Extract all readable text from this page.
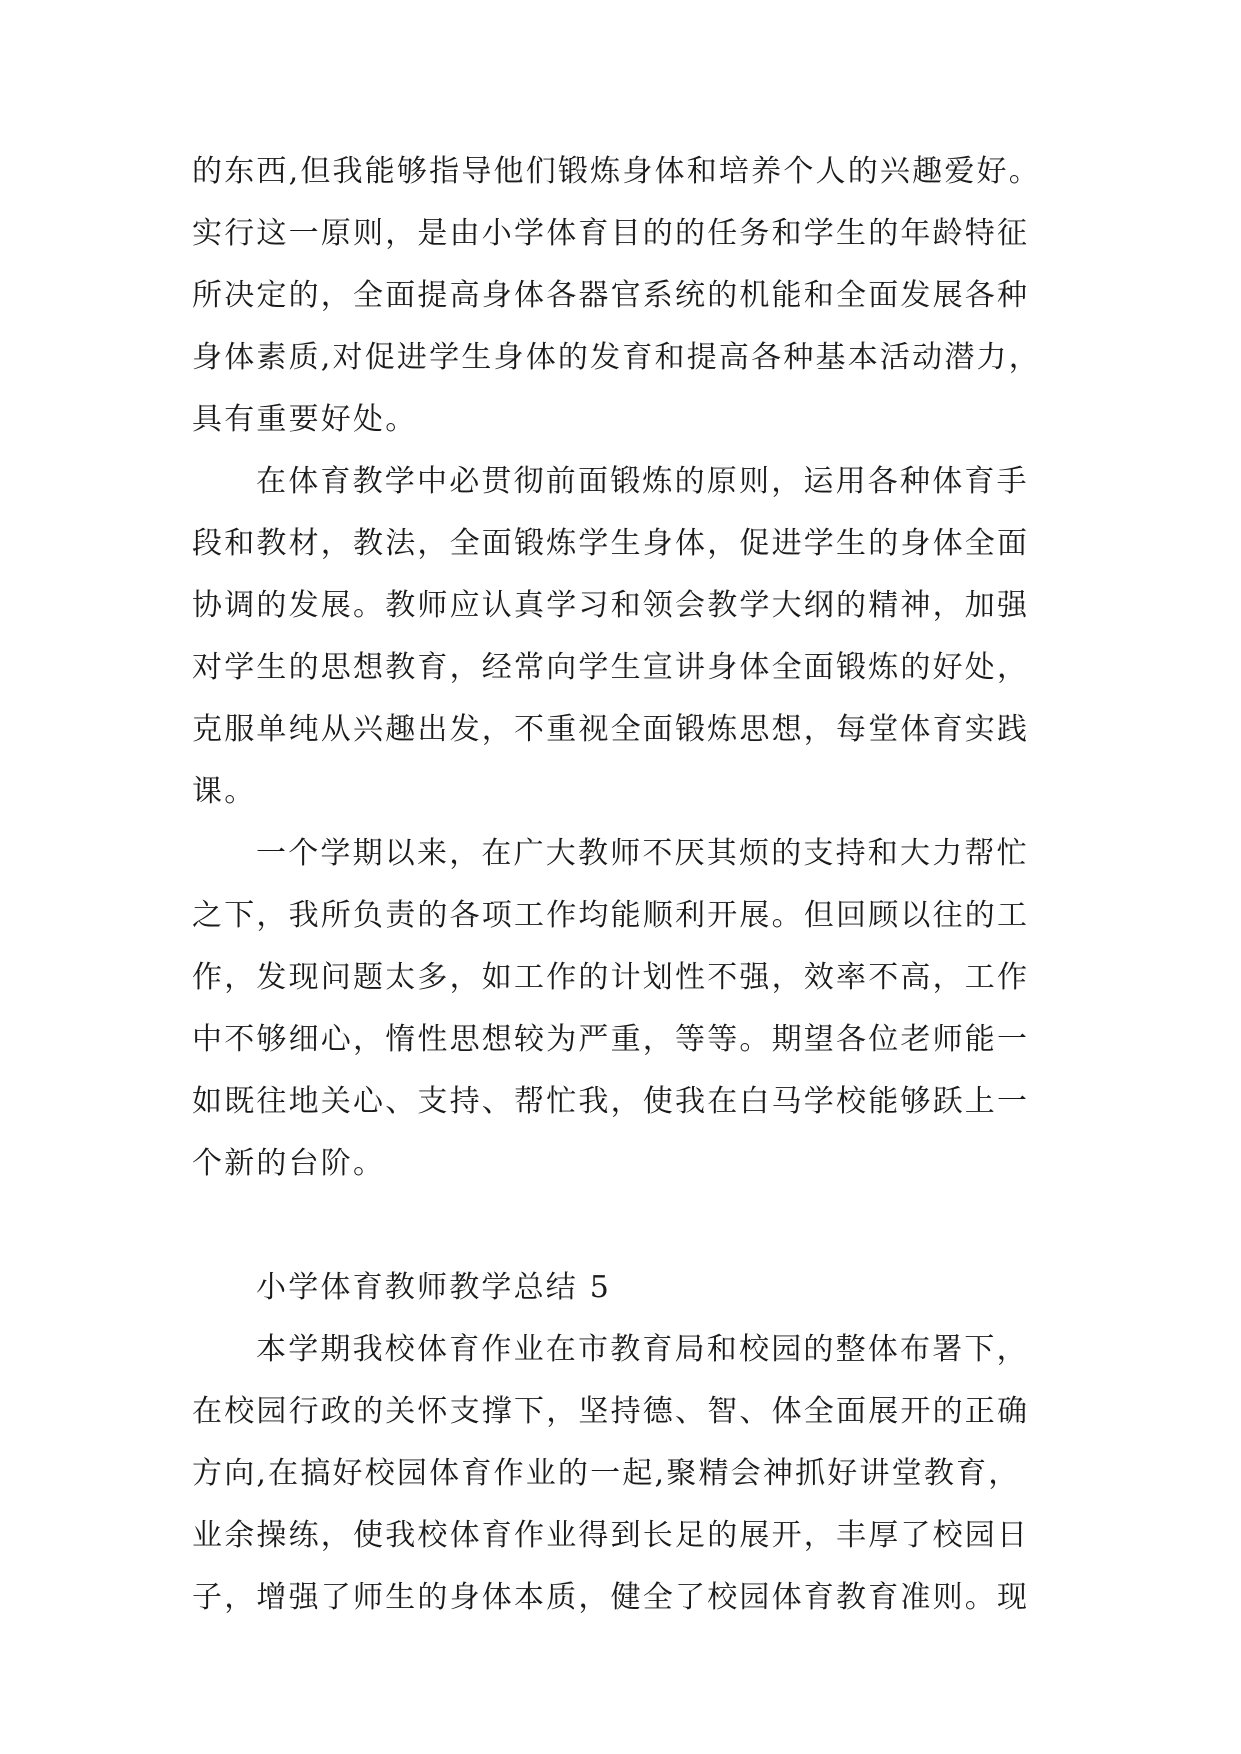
的东西,但我能够指导他们锻炼身体和培养个人的兴趣爱好。
实行这一原则，是由小学体育目的的任务和学生的年龄特征
所决定的，全面提高身体各器官系统的机能和全面发展各种
身体素质,对促进学生身体的发育和提高各种基本活动潜力，
具有重要好处。
在体育教学中必贯彻前面锻炼的原则，运用各种体育手
段和教材，教法，全面锻炼学生身体，促进学生的身体全面
协调的发展。教师应认真学习和领会教学大纲的精神，加强
对学生的思想教育，经常向学生宣讲身体全面锻炼的好处，
克服单纯从兴趣出发，不重视全面锻炼思想，每堂体育实践
课。
一个学期以来，在广大教师不厌其烦的支持和大力帮忙
之下，我所负责的各项工作均能顺利开展。但回顾以往的工
作，发现问题太多，如工作的计划性不强，效率不高，工作
中不够细心，惰性思想较为严重，等等。期望各位老师能一
如既往地关心、支持、帮忙我，使我在白马学校能够跃上一
个新的台阶。
小学体育教师教学总结 5
本学期我校体育作业在市教育局和校园的整体布署下，
在校园行政的关怀支撑下，坚持德、智、体全面展开的正确
方向,在搞好校园体育作业的一起,聚精会神抓好讲堂教育，
业余操练，使我校体育作业得到长足的展开，丰厚了校园日
子，增强了师生的身体本质，健全了校园体育教育准则。现
